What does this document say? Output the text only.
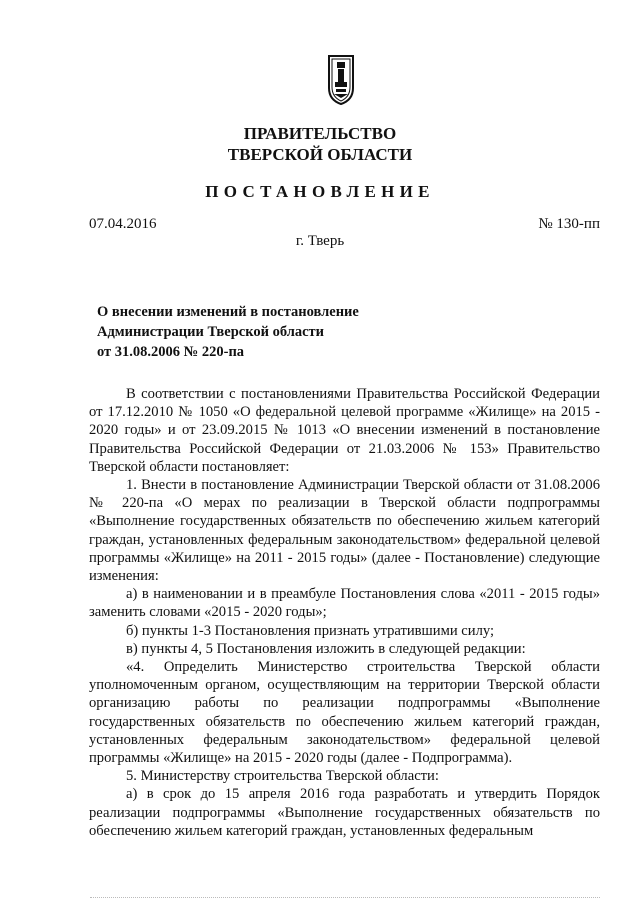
ПРАВИТЕЛЬСТВО
ТВЕРСКОЙ ОБЛАСТИ
ПОСТАНОВЛЕНИЕ
07.04.2016	№ 130-пп
г. Тверь
О внесении изменений в постановление
Администрации Тверской области
от 31.08.2006 № 220-па

В соответствии с постановлениями Правительства Российской Федерации от 17.12.2010 № 1050 «О федеральной целевой программе «Жилище» на 2015 - 2020 годы» и от 23.09.2015 № 1013 «О внесении изменений в постановление Правительства Российской Федерации от 21.03.2006 № 153» Правительство Тверской области постановляет:

1. Внести в постановление Администрации Тверской области от 31.08.2006 № 220-па «О мерах по реализации в Тверской области подпрограммы «Выполнение государственных обязательств по обеспечению жильем категорий граждан, установленных федеральным законодательством» федеральной целевой программы «Жилище» на 2011 - 2015 годы» (далее - Постановление) следующие изменения:

а) в наименовании и в преамбуле Постановления слова «2011 - 2015 годы» заменить словами «2015 - 2020 годы»;

б) пункты 1-3 Постановления признать утратившими силу;

в) пункты 4, 5 Постановления изложить в следующей редакции:

«4. Определить Министерство строительства Тверской области уполномоченным органом, осуществляющим на территории Тверской области организацию работы по реализации подпрограммы «Выполнение государственных обязательств по обеспечению жильем категорий граждан, установленных федеральным законодательством» федеральной целевой программы «Жилище» на 2015 - 2020 годы (далее - Подпрограмма).

5. Министерству строительства Тверской области:

а) в срок до 15 апреля 2016 года разработать и утвердить Порядок реализации подпрограммы «Выполнение государственных обязательств по обеспечению жильем категорий граждан, установленных федеральным
